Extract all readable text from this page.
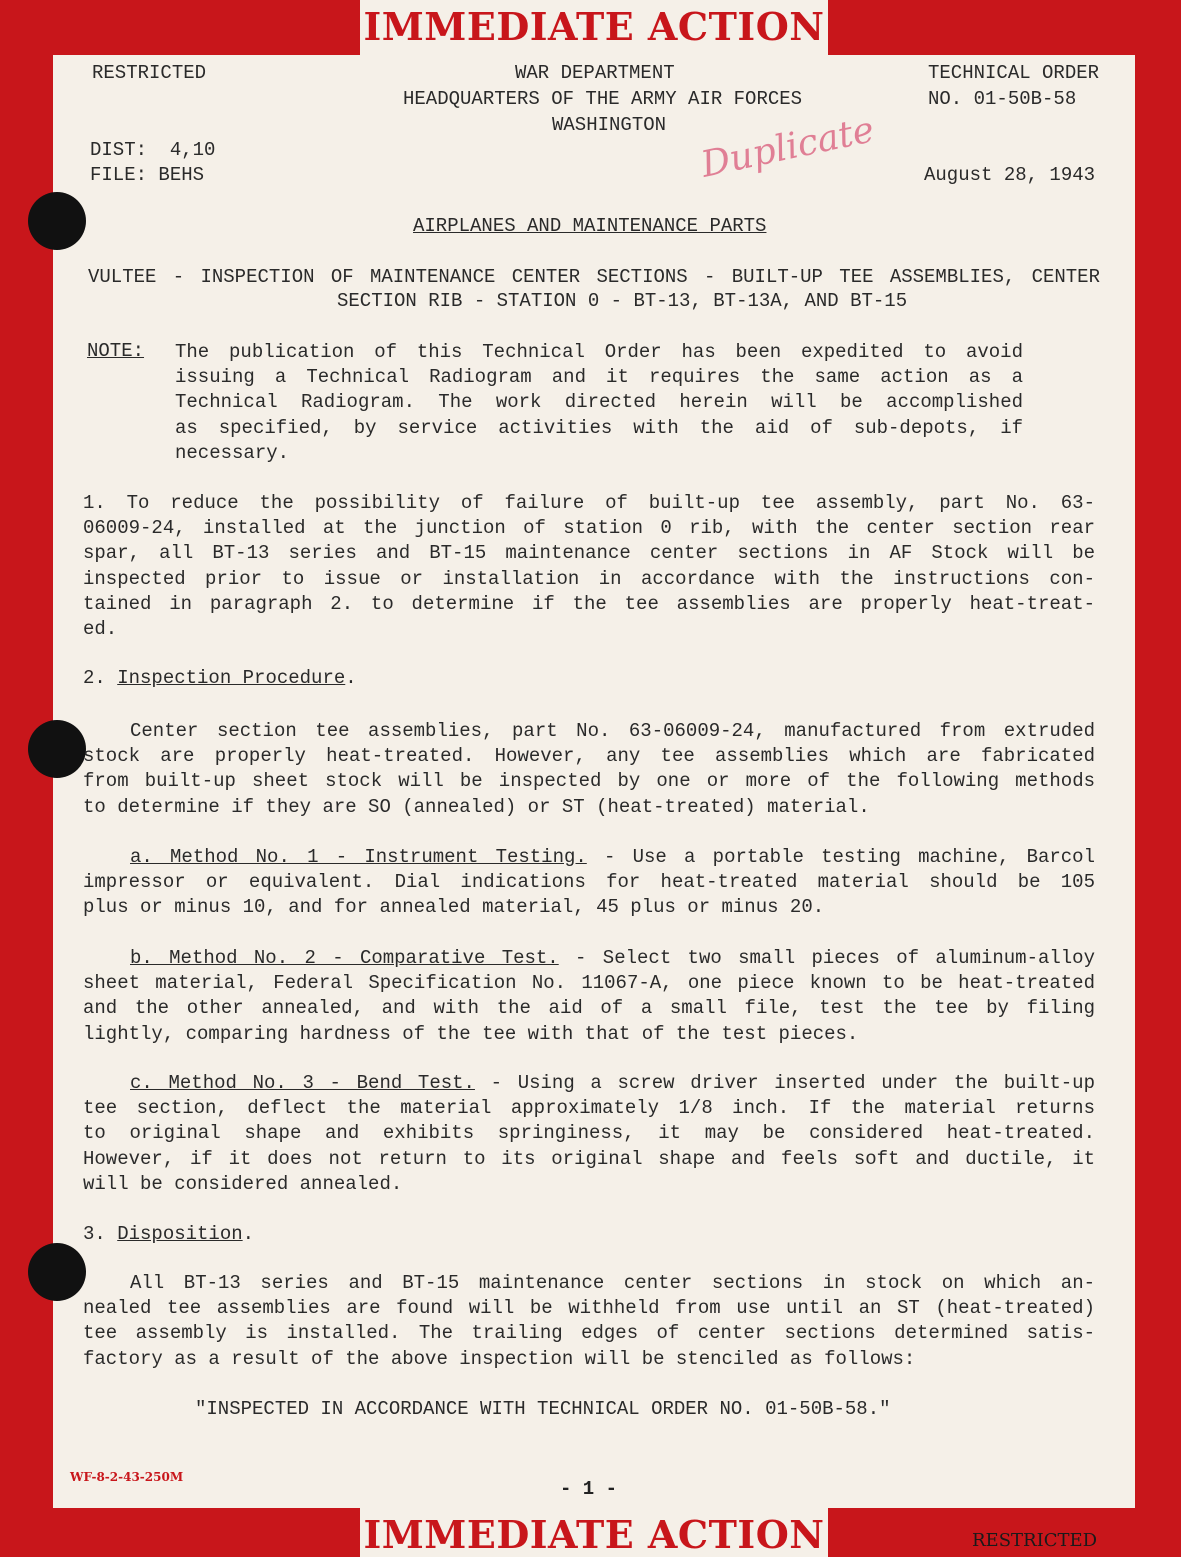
IMMEDIATE ACTION
IMMEDIATE ACTION
- 1 -
RESTRICTED	WAR DEPARTMENT
HEADQUARTERS OF THE ARMY AIR FORCES
WASHINGTON
TECHNICAL ORDER
NO. 01-50B-58
DIST:  4,10
FILE: BEHS	August 28, 1943
Duplicate
AIRPLANES AND MAINTENANCE PARTS
VULTEE - INSPECTION OF MAINTENANCE CENTER SECTIONS - BUILT-UP TEE ASSEMBLIES, CENTER
SECTION RIB - STATION 0 - BT-13, BT-13A, AND BT-15
NOTE: The publication of this Technical Order has been expedited to avoid
issuing a Technical Radiogram and it requires the same action as a
Technical Radiogram. The work directed herein will be accomplished
as specified, by service activities with the aid of sub-depots, if
necessary.
1. To reduce the possibility of failure of built-up tee assembly, part No. 63-
06009-24, installed at the junction of station 0 rib, with the center section rear
spar, all BT-13 series and BT-15 maintenance center sections in AF Stock will be
inspected prior to issue or installation in accordance with the instructions con-
tained in paragraph 2. to determine if the tee assemblies are properly heat-treat-
ed.
2. Inspection Procedure.
Center section tee assemblies, part No. 63-06009-24, manufactured from extruded
stock are properly heat-treated. However, any tee assemblies which are fabricated
from built-up sheet stock will be inspected by one or more of the following methods
to determine if they are SO (annealed) or ST (heat-treated) material.
a. Method No. 1 - Instrument Testing. - Use a portable testing machine, Barcol
impressor or equivalent. Dial indications for heat-treated material should be 105
plus or minus 10, and for annealed material, 45 plus or minus 20.
b. Method No. 2 - Comparative Test. - Select two small pieces of aluminum-alloy
sheet material, Federal Specification No. 11067-A, one piece known to be heat-treated
and the other annealed, and with the aid of a small file, test the tee by filing
lightly, comparing hardness of the tee with that of the test pieces.
c. Method No. 3 - Bend Test. - Using a screw driver inserted under the built-up
tee section, deflect the material approximately 1/8 inch. If the material returns
to original shape and exhibits springiness, it may be considered heat-treated.
However, if it does not return to its original shape and feels soft and ductile, it
will be considered annealed.
3. Disposition.
All BT-13 series and BT-15 maintenance center sections in stock on which an-
nealed tee assemblies are found will be withheld from use until an ST (heat-treated)
tee assembly is installed. The trailing edges of center sections determined satis-
factory as a result of the above inspection will be stenciled as follows:
"INSPECTED IN ACCORDANCE WITH TECHNICAL ORDER NO. 01-50B-58."
WF-8-2-43-250M
RESTRICTED
